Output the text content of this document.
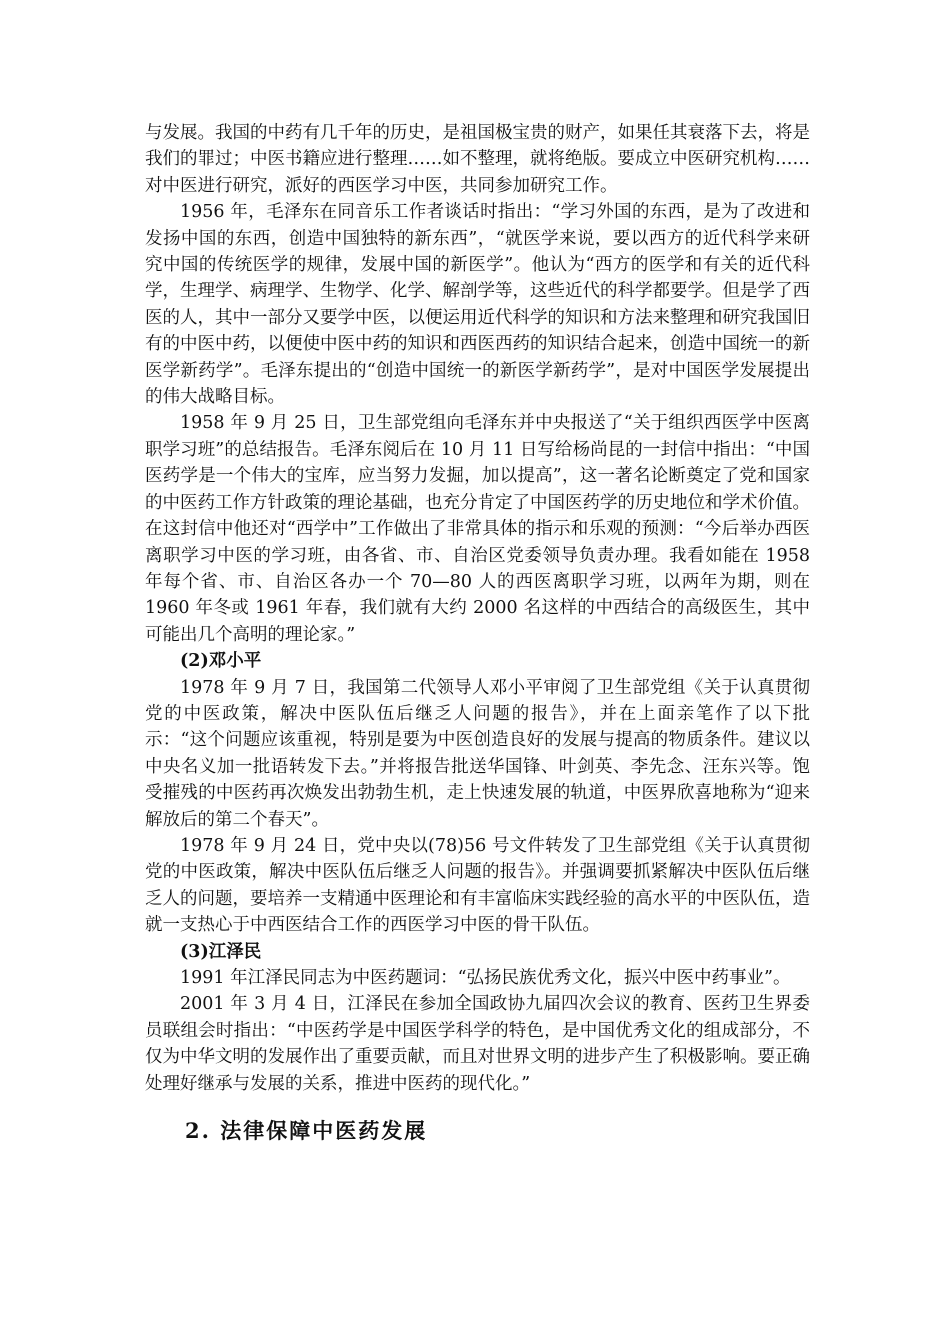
与发展。我国的中药有几千年的历史，是祖国极宝贵的财产，如果任其衰落下去，将是我们的罪过；中医书籍应进行整理……如不整理，就将绝版。要成立中医研究机构……对中医进行研究，派好的西医学习中医，共同参加研究工作。

1956 年，毛泽东在同音乐工作者谈话时指出：“学习外国的东西，是为了改进和发扬中国的东西，创造中国独特的新东西”，“就医学来说，要以西方的近代科学来研究中国的传统医学的规律，发展中国的新医学”。他认为“西方的医学和有关的近代科学，生理学、病理学、生物学、化学、解剖学等，这些近代的科学都要学。但是学了西医的人，其中一部分又要学中医，以便运用近代科学的知识和方法来整理和研究我国旧有的中医中药，以便使中医中药的知识和西医西药的知识结合起来，创造中国统一的新医学新药学”。毛泽东提出的“创造中国统一的新医学新药学”，是对中国医学发展提出的伟大战略目标。

1958 年 9 月 25 日，卫生部党组向毛泽东并中央报送了“关于组织西医学中医离职学习班”的总结报告。毛泽东阅后在 10 月 11 日写给杨尚昆的一封信中指出：“中国医药学是一个伟大的宝库，应当努力发掘，加以提高”，这一著名论断奠定了党和国家的中医药工作方针政策的理论基础，也充分肯定了中国医药学的历史地位和学术价值。在这封信中他还对“西学中”工作做出了非常具体的指示和乐观的预测：“今后举办西医离职学习中医的学习班，由各省、市、自治区党委领导负责办理。我看如能在 1958 年每个省、市、自治区各办一个 70—80 人的西医离职学习班，以两年为期，则在 1960 年冬或 1961 年春，我们就有大约 2000 名这样的中西结合的高级医生，其中可能出几个高明的理论家。”

(2)邓小平

1978 年 9 月 7 日，我国第二代领导人邓小平审阅了卫生部党组《关于认真贯彻党的中医政策，解决中医队伍后继乏人问题的报告》，并在上面亲笔作了以下批示：“这个问题应该重视，特别是要为中医创造良好的发展与提高的物质条件。建议以中央名义加一批语转发下去。”并将报告批送华国锋、叶剑英、李先念、汪东兴等。饱受摧残的中医药再次焕发出勃勃生机，走上快速发展的轨道，中医界欣喜地称为“迎来解放后的第二个春天”。

1978 年 9 月 24 日，党中央以(78)56 号文件转发了卫生部党组《关于认真贯彻党的中医政策，解决中医队伍后继乏人问题的报告》。并强调要抓紧解决中医队伍后继乏人的问题，要培养一支精通中医理论和有丰富临床实践经验的高水平的中医队伍，造就一支热心于中西医结合工作的西医学习中医的骨干队伍。

(3)江泽民

1991 年江泽民同志为中医药题词：“弘扬民族优秀文化，振兴中医中药事业”。

2001 年 3 月 4 日，江泽民在参加全国政协九届四次会议的教育、医药卫生界委员联组会时指出：“中医药学是中国医学科学的特色，是中国优秀文化的组成部分，不仅为中华文明的发展作出了重要贡献，而且对世界文明的进步产生了积极影响。要正确处理好继承与发展的关系，推进中医药的现代化。”

2. 法律保障中医药发展
